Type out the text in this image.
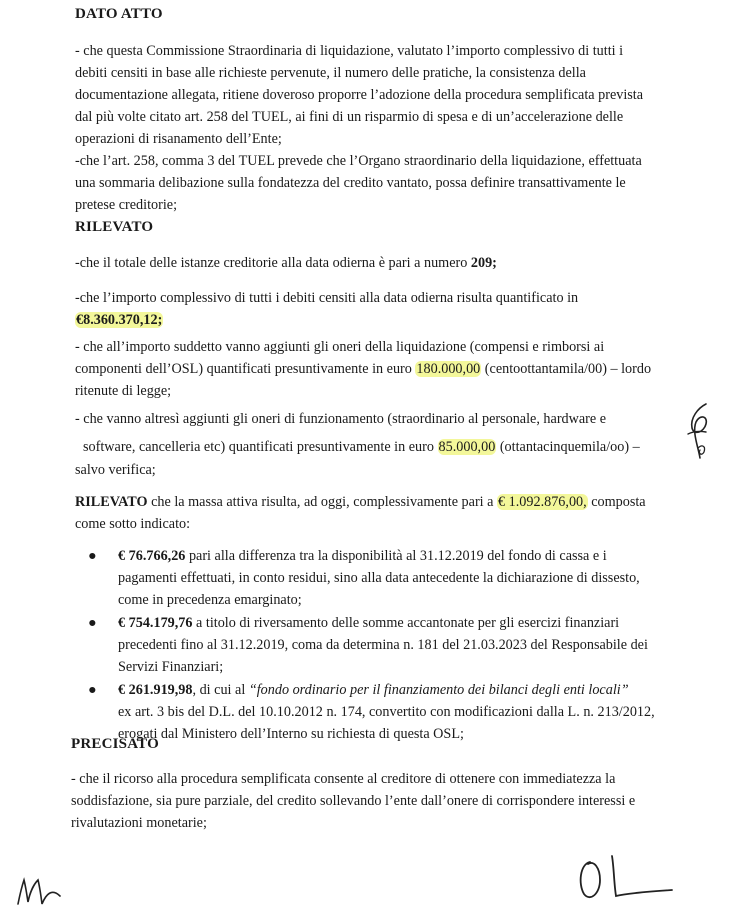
DATO ATTO
- che questa Commissione Straordinaria di liquidazione, valutato l’importo complessivo di tutti i
debiti censiti in base alle richieste pervenute, il numero delle pratiche, la consistenza della
documentazione allegata, ritiene doveroso proporre l’adozione della procedura semplificata prevista
dal più volte citato art. 258 del TUEL, ai fini di un risparmio di spesa e di un’accelerazione delle
operazioni di risanamento dell’Ente;
-che l’art. 258, comma 3 del TUEL prevede che l’Organo straordinario della liquidazione, effettuata
una sommaria delibazione sulla fondatezza del credito vantato, possa definire transattivamente le
pretese creditorie;
RILEVATO
-che il totale delle istanze creditorie alla data odierna è pari a numero 209;
-che l’importo complessivo di tutti i debiti censiti alla data odierna risulta quantificato in
€8.360.370,12;
- che all’importo suddetto vanno aggiunti gli oneri della liquidazione (compensi e rimborsi ai
componenti dell’OSL) quantificati presuntivamente in euro 180.000,00 (centoottantamila/00) – lordo
ritenute di legge;
- che vanno altresì aggiunti gli oneri di funzionamento (straordinario al personale, hardware e
software, cancelleria etc) quantificati presuntivamente in euro 85.000,00 (ottantacinquemila/oo) –
salvo verifica;
RILEVATO che la massa attiva risulta, ad oggi, complessivamente pari a € 1.092.876,00, composta
come sotto indicato:
● € 76.766,26 pari alla differenza tra la disponibilità al 31.12.2019 del fondo di cassa e i
pagamenti effettuati, in conto residui, sino alla data antecedente la dichiarazione di dissesto,
come in precedenza emarginato;
● € 754.179,76 a titolo di riversamento delle somme accantonate per gli esercizi finanziari
precedenti fino al 31.12.2019, coma da determina n. 181 del 21.03.2023 del Responsabile dei
Servizi Finanziari;
● € 261.919,98, di cui al “fondo ordinario per il finanziamento dei bilanci degli enti locali”
ex art. 3 bis del D.L. del 10.10.2012 n. 174, convertito con modificazioni dalla L. n. 213/2012,
erogati dal Ministero dell’Interno su richiesta di questa OSL;
PRECISATO
- che il ricorso alla procedura semplificata consente al creditore di ottenere con immediatezza la
soddisfazione, sia pure parziale, del credito sollevando l’ente dall’onere di corrispondere interessi e
rivalutazioni monetarie;
